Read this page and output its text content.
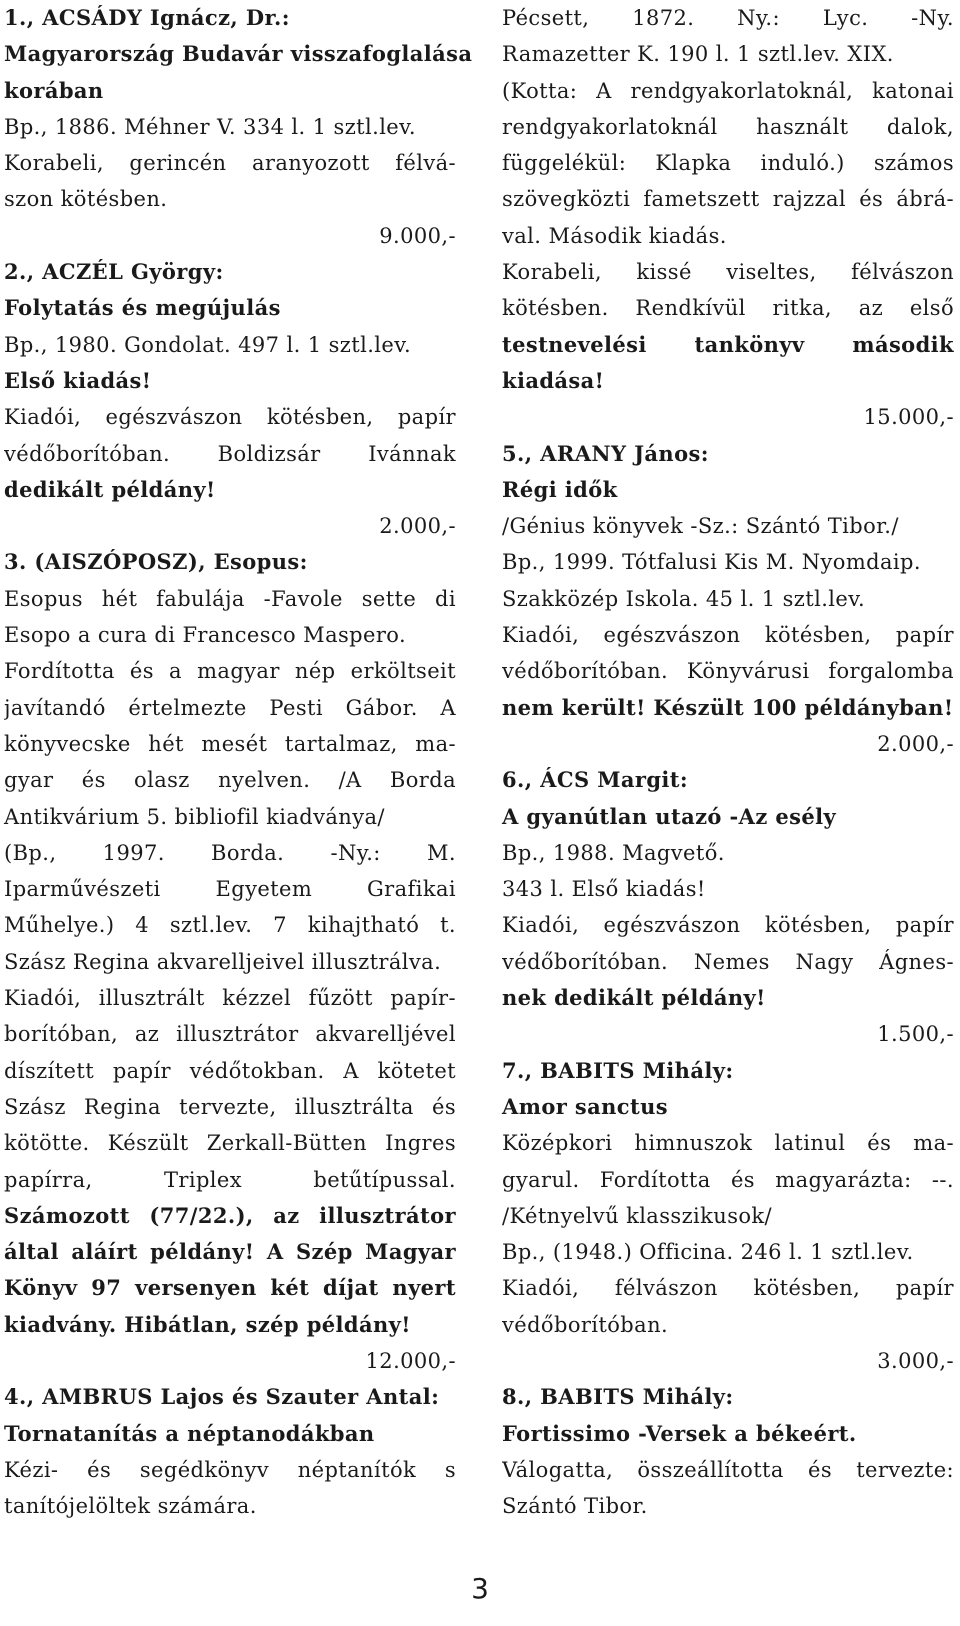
1., ACSÁDY Ignácz, Dr.:
Magyarország Budavár visszafoglalása
korában
Bp., 1886. Méhner V. 334 l. 1 sztl.lev.
Korabeli, gerincén aranyozott félvá-
szon kötésben.
9.000,-
2., ACZÉL György:
Folytatás és megújulás
Bp., 1980. Gondolat. 497 l. 1 sztl.lev.
Első kiadás!
Kiadói, egészvászon kötésben, papír
védőborítóban. Boldizsár Ivánnak
dedikált példány!
2.000,-
3. (AISZÓPOSZ), Esopus:
Esopus hét fabulája -Favole sette di
Esopo a cura di Francesco Maspero.
Fordította és a magyar nép erköltseit
javítandó értelmezte Pesti Gábor. A
könyvecske hét mesét tartalmaz, ma-
gyar és olasz nyelven. /A Borda
Antikvárium 5. bibliofil kiadványa/
(Bp., 1997. Borda. -Ny.: M.
Iparművészeti Egyetem Grafikai
Műhelye.) 4 sztl.lev. 7 kihajtható t.
Szász Regina akvarelljeivel illusztrálva.
Kiadói, illusztrált kézzel fűzött papír-
borítóban, az illusztrátor akvarelljével
díszített papír védőtokban. A kötetet
Szász Regina tervezte, illusztrálta és
kötötte. Készült Zerkall-Bütten Ingres
papírra, Triplex betűtípussal.
Számozott (77/22.), az illusztrátor
által aláírt példány! A Szép Magyar
Könyv 97 versenyen két díjat nyert
kiadvány. Hibátlan, szép példány!
12.000,-
4., AMBRUS Lajos és Szauter Antal:
Tornatanítás a néptanodákban
Kézi- és segédkönyv néptanítók s
tanítójelöltek számára.
Pécsett, 1872. Ny.: Lyc. -Ny.
Ramazetter K. 190 l. 1 sztl.lev. XIX.
(Kotta: A rendgyakorlatoknál, katonai
rendgyakorlatoknál használt dalok,
függelékül: Klapka induló.) számos
szövegközti fametszett rajzzal és ábrá-
val. Második kiadás.
Korabeli, kissé viseltes, félvászon
kötésben. Rendkívül ritka, az első
testnevelési tankönyv második
kiadása!
15.000,-
5., ARANY János:
Régi idők
/Génius könyvek -Sz.: Szántó Tibor./
Bp., 1999. Tótfalusi Kis M. Nyomdaip.
Szakközép Iskola. 45 l. 1 sztl.lev.
Kiadói, egészvászon kötésben, papír
védőborítóban. Könyvárusi forgalomba
nem került! Készült 100 példányban!
2.000,-
6., ÁCS Margit:
A gyanútlan utazó -Az esély
Bp., 1988. Magvető.
343 l. Első kiadás!
Kiadói, egészvászon kötésben, papír
védőborítóban. Nemes Nagy Ágnes-
nek dedikált példány!
1.500,-
7., BABITS Mihály:
Amor sanctus
Középkori himnuszok latinul és ma-
gyarul. Fordította és magyarázta: --.
/Kétnyelvű klasszikusok/
Bp., (1948.) Officina. 246 l. 1 sztl.lev.
Kiadói, félvászon kötésben, papír
védőborítóban.
3.000,-
8., BABITS Mihály:
Fortissimo -Versek a békeért.
Válogatta, összeállította és tervezte:
Szántó Tibor.
3
